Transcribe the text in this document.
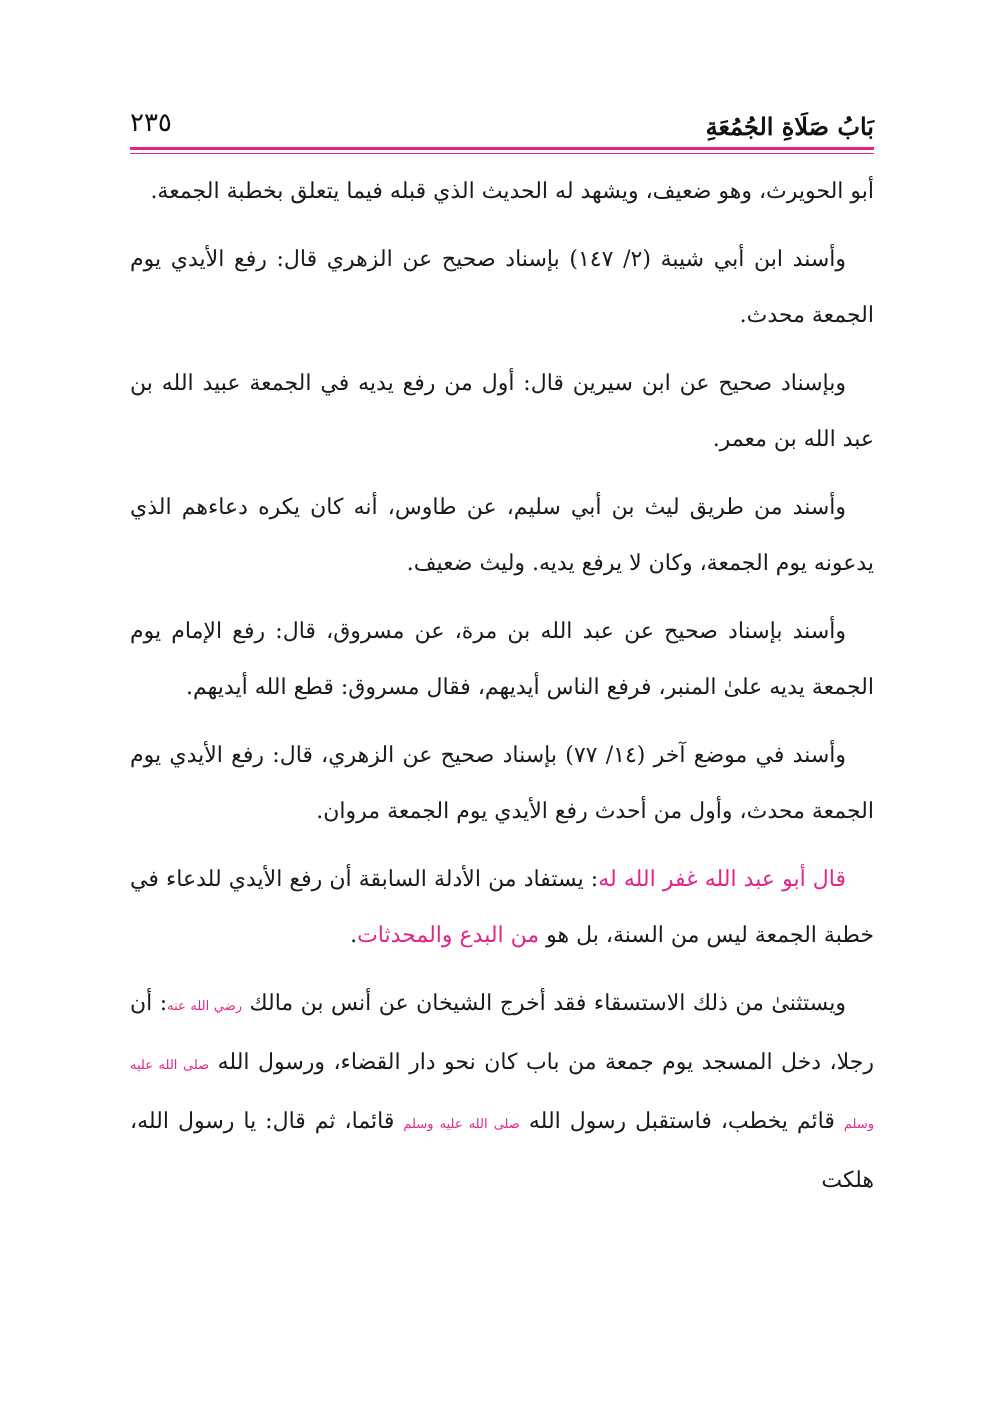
بَابُ صَلَاةِ الجُمُعَةِ
٢٣٥

أبو الحويرث، وهو ضعيف، ويشهد له الحديث الذي قبله فيما يتعلق بخطبة الجمعة.

وأسند ابن أبي شيبة (٢/ ١٤٧) بإسناد صحيح عن الزهري قال: رفع الأيدي يوم الجمعة محدث.

وبإسناد صحيح عن ابن سيرين قال: أول من رفع يديه في الجمعة عبيد الله بن عبد الله بن معمر.

وأسند من طريق ليث بن أبي سليم، عن طاوس، أنه كان يكره دعاءهم الذي يدعونه يوم الجمعة، وكان لا يرفع يديه. وليث ضعيف.

وأسند بإسناد صحيح عن عبد الله بن مرة، عن مسروق، قال: رفع الإمام يوم الجمعة يديه علىٰ المنبر، فرفع الناس أيديهم، فقال مسروق: قطع الله أيديهم.

وأسند في موضع آخر (١٤/ ٧٧) بإسناد صحيح عن الزهري، قال: رفع الأيدي يوم الجمعة محدث، وأول من أحدث رفع الأيدي يوم الجمعة مروان.

قال أبو عبد الله غفر الله له: يستفاد من الأدلة السابقة أن رفع الأيدي للدعاء في خطبة الجمعة ليس من السنة، بل هو من البدع والمحدثات.

ويستثنىٰ من ذلك الاستسقاء فقد أخرج الشيخان عن أنس بن مالك رضي الله عنه: أن رجلا، دخل المسجد يوم جمعة من باب كان نحو دار القضاء، ورسول الله صلى الله عليه وسلم قائم يخطب، فاستقبل رسول الله صلى الله عليه وسلم قائما، ثم قال: يا رسول الله، هلكت
